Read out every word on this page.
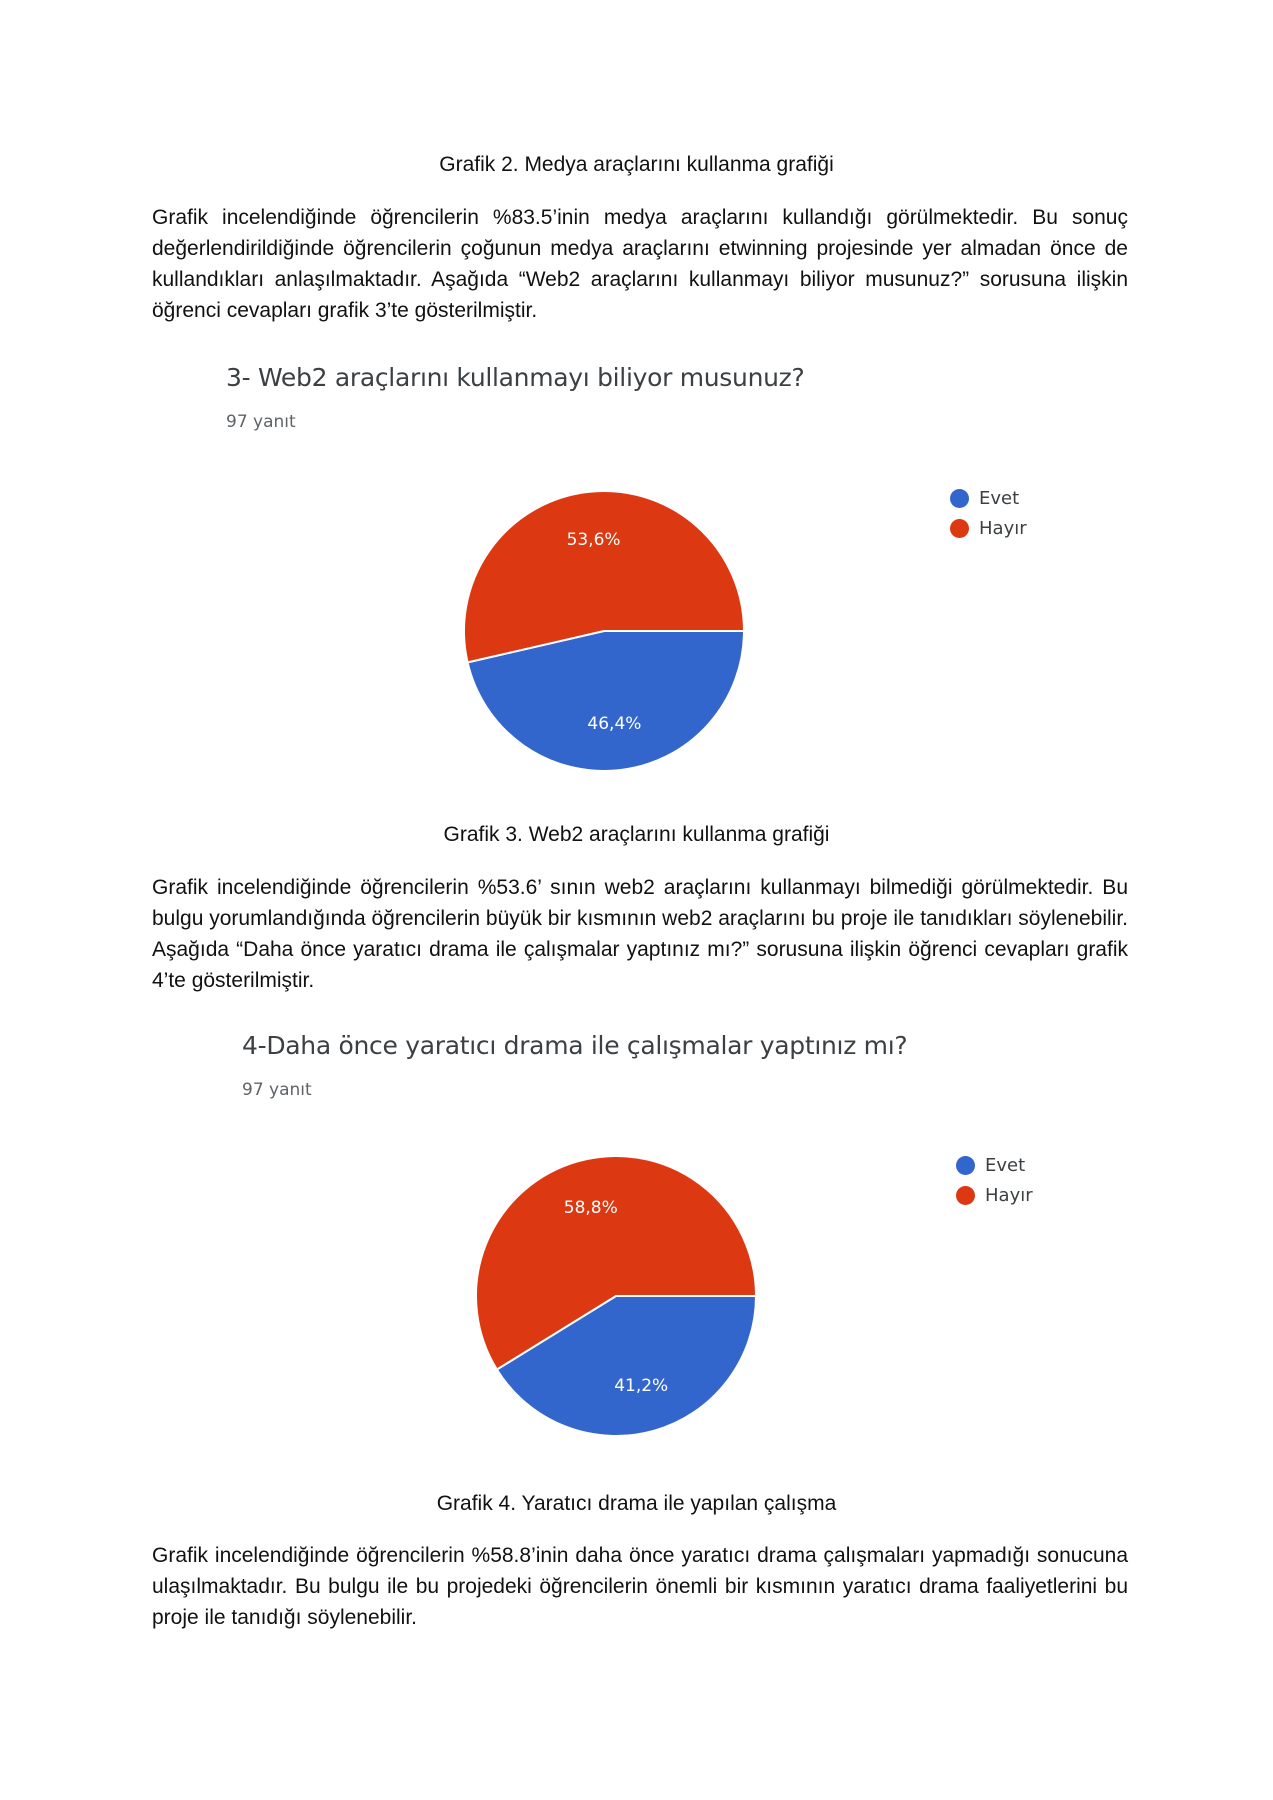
Grafik 2. Medya araçlarını kullanma grafiği

Grafik incelendiğinde öğrencilerin %83.5’inin medya araçlarını kullandığı görülmektedir. Bu sonuç değerlendirildiğinde öğrencilerin çoğunun medya araçlarını etwinning projesinde yer almadan önce de kullandıkları anlaşılmaktadır. Aşağıda “Web2 araçlarını kullanmayı biliyor musunuz?” sorusuna ilişkin öğrenci cevapları grafik 3’te gösterilmiştir.

3- Web2 araçlarını kullanmayı biliyor musunuz?
97 yanıt
46,4%
53,6%
Evet
Hayır
Grafik 3. Web2 araçlarını kullanma grafiği

Grafik incelendiğinde öğrencilerin %53.6’ sının web2 araçlarını kullanmayı bilmediği görülmektedir. Bu bulgu yorumlandığında öğrencilerin büyük bir kısmının web2 araçlarını bu proje ile tanıdıkları söylenebilir. Aşağıda “Daha önce yaratıcı drama ile çalışmalar yaptınız mı?” sorusuna ilişkin öğrenci cevapları grafik 4’te gösterilmiştir.

4-Daha önce yaratıcı drama ile çalışmalar yaptınız mı?
97 yanıt
41,2%
58,8%
Evet
Hayır
Grafik 4. Yaratıcı drama ile yapılan çalışma

Grafik incelendiğinde öğrencilerin %58.8’inin daha önce yaratıcı drama çalışmaları yapmadığı sonucuna ulaşılmaktadır. Bu bulgu ile bu projedeki öğrencilerin önemli bir kısmının yaratıcı drama faaliyetlerini bu proje ile tanıdığı söylenebilir.
